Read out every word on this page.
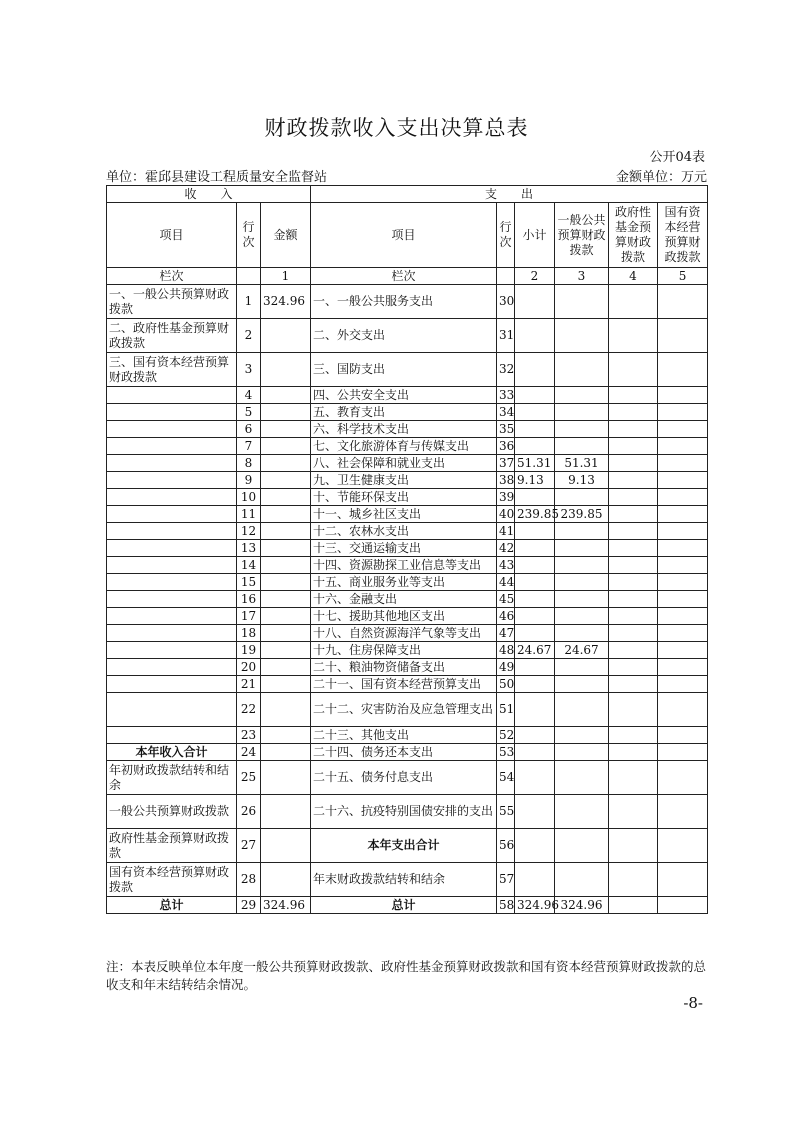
财政拨款收入支出决算总表
公开04表
单位：霍邱县建设工程质量安全监督站	金额单位：万元
收　　入			支　　出					
项目	行次	金额	项目	行次	小计	一般公共预算财政拨款	政府性基金预算财政拨款	国有资本经营预算财政拨款
栏次		1	栏次		2	3	4	5
一、一般公共预算财政拨款	1	324.96	一、一般公共服务支出	30				
二、政府性基金预算财政拨款	2		二、外交支出	31				
三、国有资本经营预算财政拨款	3		三、国防支出	32				
	4		四、公共安全支出	33				
	5		五、教育支出	34				
	6		六、科学技术支出	35				
	7		七、文化旅游体育与传媒支出	36				
	8		八、社会保障和就业支出	37	51.31	51.31		
	9		九、卫生健康支出	38	9.13	9.13		
	10		十、节能环保支出	39				
	11		十一、城乡社区支出	40	239.85	239.85		
	12		十二、农林水支出	41				
	13		十三、交通运输支出	42				
	14		十四、资源勘探工业信息等支出	43				
	15		十五、商业服务业等支出	44				
	16		十六、金融支出	45				
	17		十七、援助其他地区支出	46				
	18		十八、自然资源海洋气象等支出	47				
	19		十九、住房保障支出	48	24.67	24.67		
	20		二十、粮油物资储备支出	49				
	21		二十一、国有资本经营预算支出	50				
	22		二十二、灾害防治及应急管理支出	51				
	23		二十三、其他支出	52				
本年收入合计	24		二十四、债务还本支出	53				
年初财政拨款结转和结余	25		二十五、债务付息支出	54				
一般公共预算财政拨款	26		二十六、抗疫特别国债安排的支出	55				
政府性基金预算财政拨款	27		本年支出合计	56				
国有资本经营预算财政拨款	28		年末财政拨款结转和结余	57				
总计	29	324.96	总计	58	324.96	324.96		
注：本表反映单位本年度一般公共预算财政拨款、政府性基金预算财政拨款和国有资本经营预算财政拨款的总收支和年末结转结余情况。
-8-
